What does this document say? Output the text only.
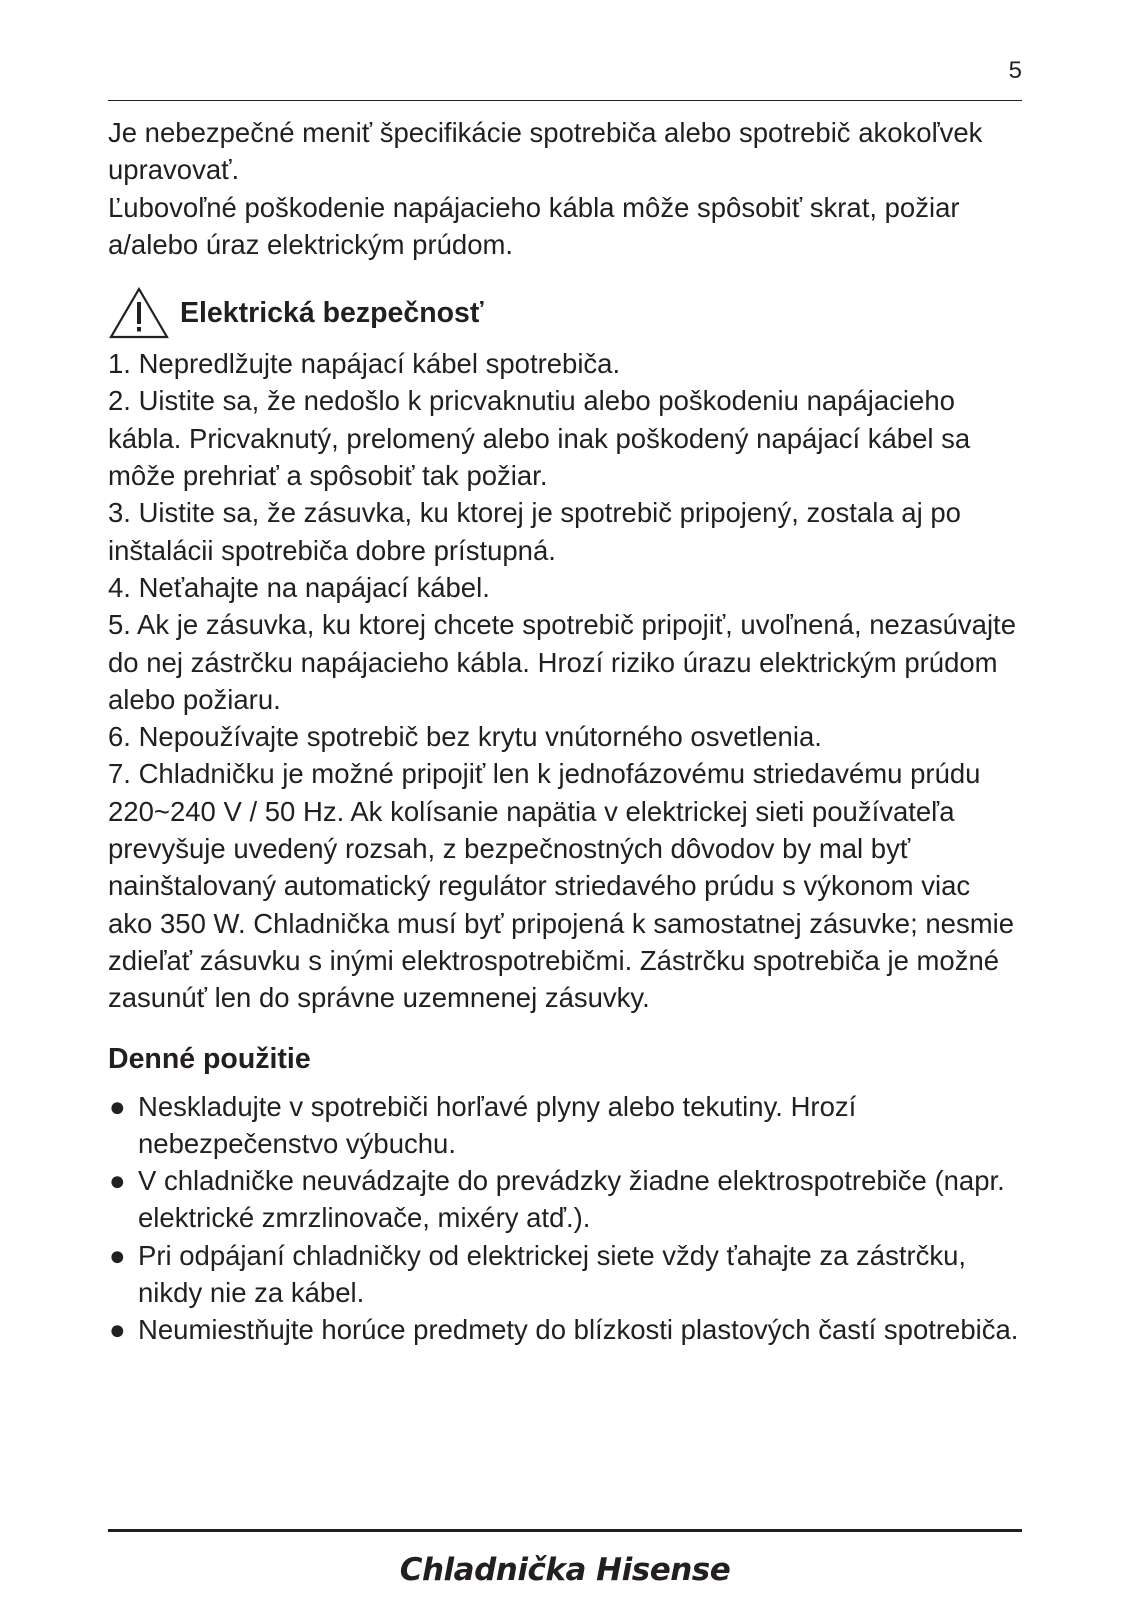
5

Je nebezpečné meniť špecifikácie spotrebiča alebo spotrebič akokoľvek upravovať.

Ľubovoľné poškodenie napájacieho kábla môže spôsobiť skrat, požiar a/alebo úraz elektrickým prúdom.

Elektrická bezpečnosť

1. Nepredlžujte napájací kábel spotrebiča.

2. Uistite sa, že nedošlo k pricvaknutiu alebo poškodeniu napájacieho kábla. Pricvaknutý, prelomený alebo inak poškodený napájací kábel sa môže prehriať a spôsobiť tak požiar.

3. Uistite sa, že zásuvka, ku ktorej je spotrebič pripojený, zostala aj po inštalácii spotrebiča dobre prístupná.

4. Neťahajte na napájací kábel.

5. Ak je zásuvka, ku ktorej chcete spotrebič pripojiť, uvoľnená, nezasúvajte do nej zástrčku napájacieho kábla. Hrozí riziko úrazu elektrickým prúdom alebo požiaru.

6. Nepoužívajte spotrebič bez krytu vnútorného osvetlenia.

7. Chladničku je možné pripojiť len k jednofázovému striedavému prúdu 220~240 V / 50 Hz. Ak kolísanie napätia v elektrickej sieti používateľa prevyšuje uvedený rozsah, z bezpečnostných dôvodov by mal byť nainštalovaný automatický regulátor striedavého prúdu s výkonom viac ako 350 W. Chladnička musí byť pripojená k samostatnej zásuvke; nesmie zdieľať zásuvku s inými elektrospotrebičmi. Zástrčku spotrebiča je možné zasunúť len do správne uzemnenej zásuvky.

Denné použitie

● Neskladujte v spotrebiči horľavé plyny alebo tekutiny. Hrozí nebezpečenstvo výbuchu.

● V chladničke neuvádzajte do prevádzky žiadne elektrospotrebiče (napr. elektrické zmrzlinovače, mixéry atď.).

● Pri odpájaní chladničky od elektrickej siete vždy ťahajte za zástrčku, nikdy nie za kábel.

● Neumiestňujte horúce predmety do blízkosti plastových častí spotrebiča.

Chladnička Hisense
